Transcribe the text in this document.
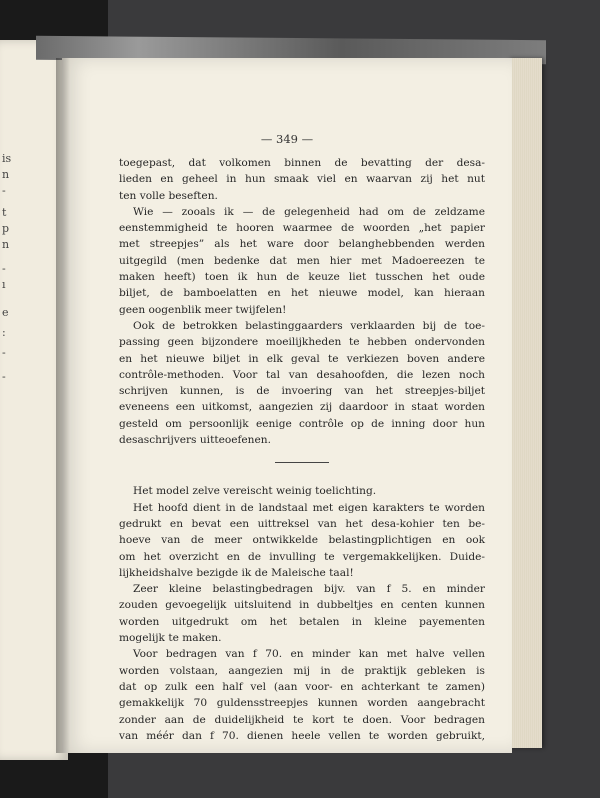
is
n
-
t
p
n
-
ı
e
:
-
-
— 349 —
toegepast, dat volkomen binnen de bevatting der desa-
lieden en geheel in hun smaak viel en waarvan zij het nut
ten volle beseften.
Wie — zooals ik — de gelegenheid had om de zeldzame
eenstemmigheid te hooren waarmee de woorden „het papier
met streepjes” als het ware door belanghebbenden werden
uitgegild (men bedenke dat men hier met Madoereezen te
maken heeft) toen ik hun de keuze liet tusschen het oude
biljet, de bamboelatten en het nieuwe model, kan hieraan
geen oogenblik meer twijfelen!
Ook de betrokken belastinggaarders verklaarden bij de toe-
passing geen bijzondere moeilijkheden te hebben ondervonden
en het nieuwe biljet in elk geval te verkiezen boven andere
contrôle-methoden. Voor tal van desahoofden, die lezen noch
schrijven kunnen, is de invoering van het streepjes-biljet
eveneens een uitkomst, aangezien zij daardoor in staat worden
gesteld om persoonlijk eenige contrôle op de inning door hun
desaschrijvers uitteoefenen.
Het model zelve vereischt weinig toelichting.
Het hoofd dient in de landstaal met eigen karakters te worden
gedrukt en bevat een uittreksel van het desa-kohier ten be-
hoeve van de meer ontwikkelde belastingplichtigen en ook
om het overzicht en de invulling te vergemakkelijken. Duide-
lijkheidshalve bezigde ik de Maleische taal!
Zeer kleine belastingbedragen bijv. van f 5. en minder
zouden gevoegelijk uitsluitend in dubbeltjes en centen kunnen
worden uitgedrukt om het betalen in kleine payementen
mogelijk te maken.
Voor bedragen van f 70. en minder kan met halve vellen
worden volstaan, aangezien mij in de praktijk gebleken is
dat op zulk een half vel (aan voor- en achterkant te zamen)
gemakkelijk 70 guldensstreepjes kunnen worden aangebracht
zonder aan de duidelijkheid te kort te doen. Voor bedragen
van méér dan f 70. dienen heele vellen te worden gebruikt,
